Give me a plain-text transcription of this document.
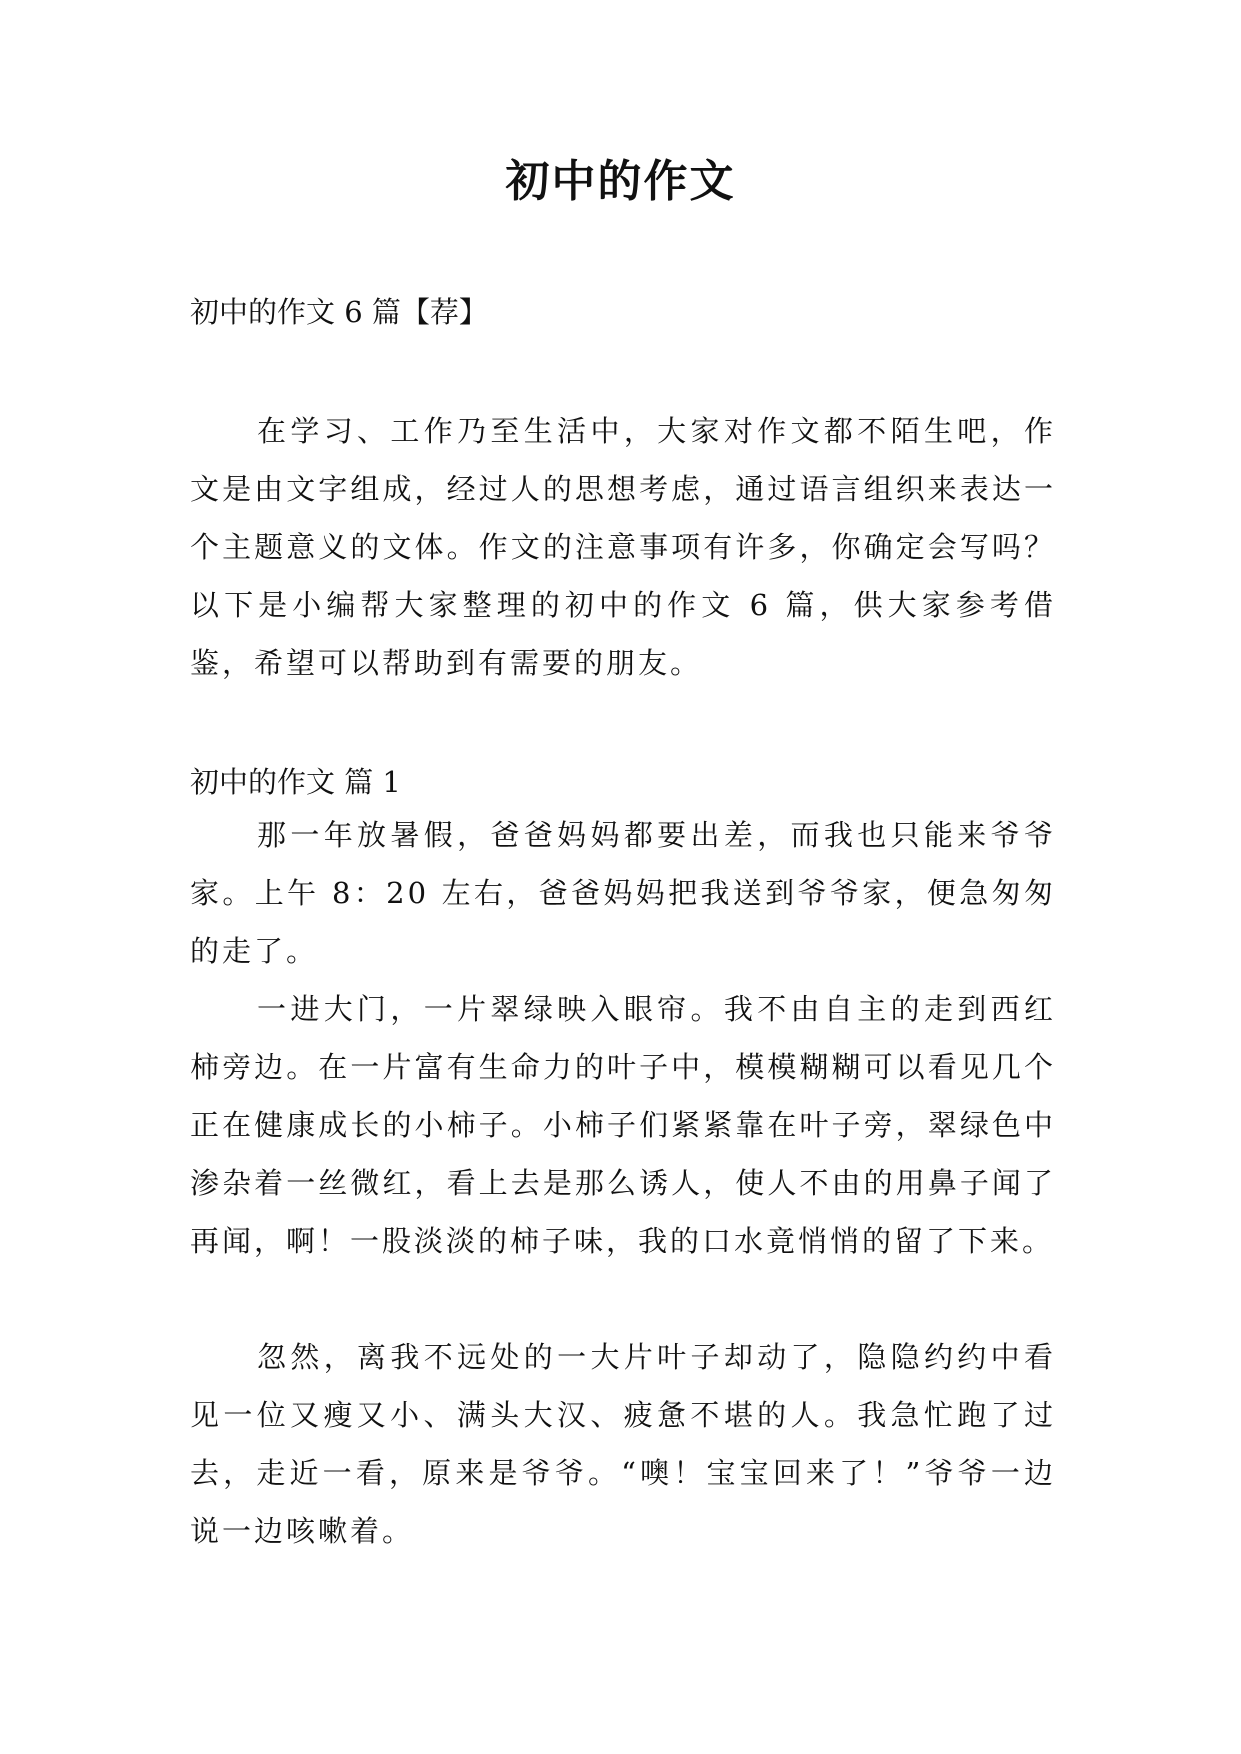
初中的作文
初中的作文 6 篇【荐】

在学习、工作乃至生活中，大家对作文都不陌生吧，作文是由文字组成，经过人的思想考虑，通过语言组织来表达一个主题意义的文体。作文的注意事项有许多，你确定会写吗？以下是小编帮大家整理的初中的作文 6 篇，供大家参考借鉴，希望可以帮助到有需要的朋友。

初中的作文 篇 1

那一年放暑假，爸爸妈妈都要出差，而我也只能来爷爷家。上午 8：20 左右，爸爸妈妈把我送到爷爷家，便急匆匆的走了。

一进大门，一片翠绿映入眼帘。我不由自主的走到西红柿旁边。在一片富有生命力的叶子中，模模糊糊可以看见几个正在健康成长的小柿子。小柿子们紧紧靠在叶子旁，翠绿色中渗杂着一丝微红，看上去是那么诱人，使人不由的用鼻子闻了再闻，啊！一股淡淡的柿子味，我的口水竟悄悄的留了下来。

忽然，离我不远处的一大片叶子却动了，隐隐约约中看见一位又瘦又小、满头大汉、疲惫不堪的人。我急忙跑了过去，走近一看，原来是爷爷。“噢！宝宝回来了！”爷爷一边说一边咳嗽着。
